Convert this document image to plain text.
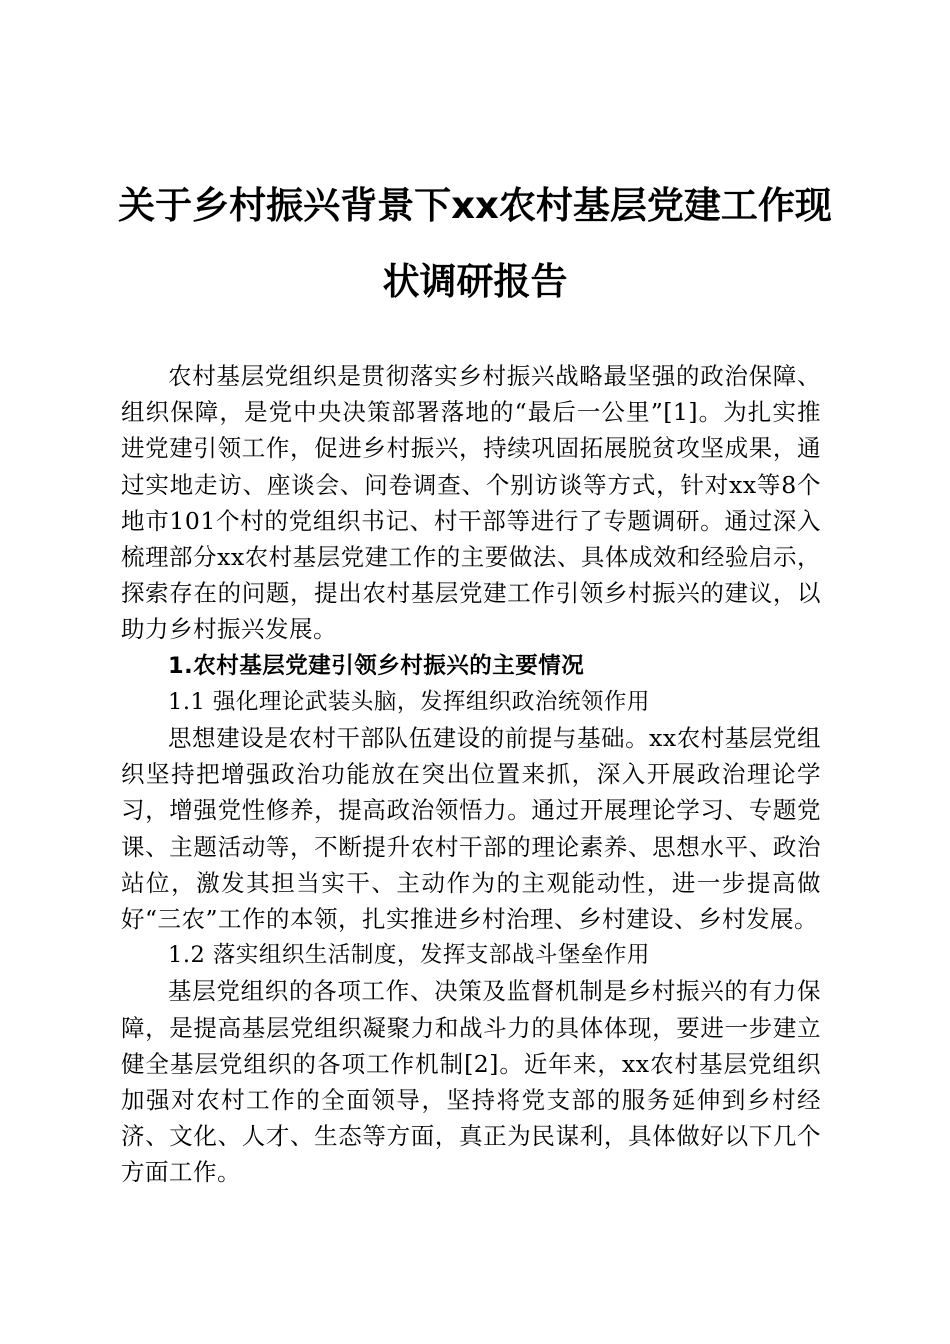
关于乡村振兴背景下xx农村基层党建工作现
状调研报告

农村基层党组织是贯彻落实乡村振兴战略最坚强的政治保障、组织保障，是党中央决策部署落地的“最后一公里”[1]。为扎实推进党建引领工作，促进乡村振兴，持续巩固拓展脱贫攻坚成果，通过实地走访、座谈会、问卷调查、个别访谈等方式，针对xx等8个地市101个村的党组织书记、村干部等进行了专题调研。通过深入梳理部分xx农村基层党建工作的主要做法、具体成效和经验启示，探索存在的问题，提出农村基层党建工作引领乡村振兴的建议，以助力乡村振兴发展。

1.农村基层党建引领乡村振兴的主要情况

1.1 强化理论武装头脑，发挥组织政治统领作用

思想建设是农村干部队伍建设的前提与基础。xx农村基层党组织坚持把增强政治功能放在突出位置来抓，深入开展政治理论学习，增强党性修养，提高政治领悟力。通过开展理论学习、专题党课、主题活动等，不断提升农村干部的理论素养、思想水平、政治站位，激发其担当实干、主动作为的主观能动性，进一步提高做好“三农”工作的本领，扎实推进乡村治理、乡村建设、乡村发展。

1.2 落实组织生活制度，发挥支部战斗堡垒作用

基层党组织的各项工作、决策及监督机制是乡村振兴的有力保障，是提高基层党组织凝聚力和战斗力的具体体现，要进一步建立健全基层党组织的各项工作机制[2]。近年来，xx农村基层党组织加强对农村工作的全面领导，坚持将党支部的服务延伸到乡村经济、文化、人才、生态等方面，真正为民谋利，具体做好以下几个方面工作。
